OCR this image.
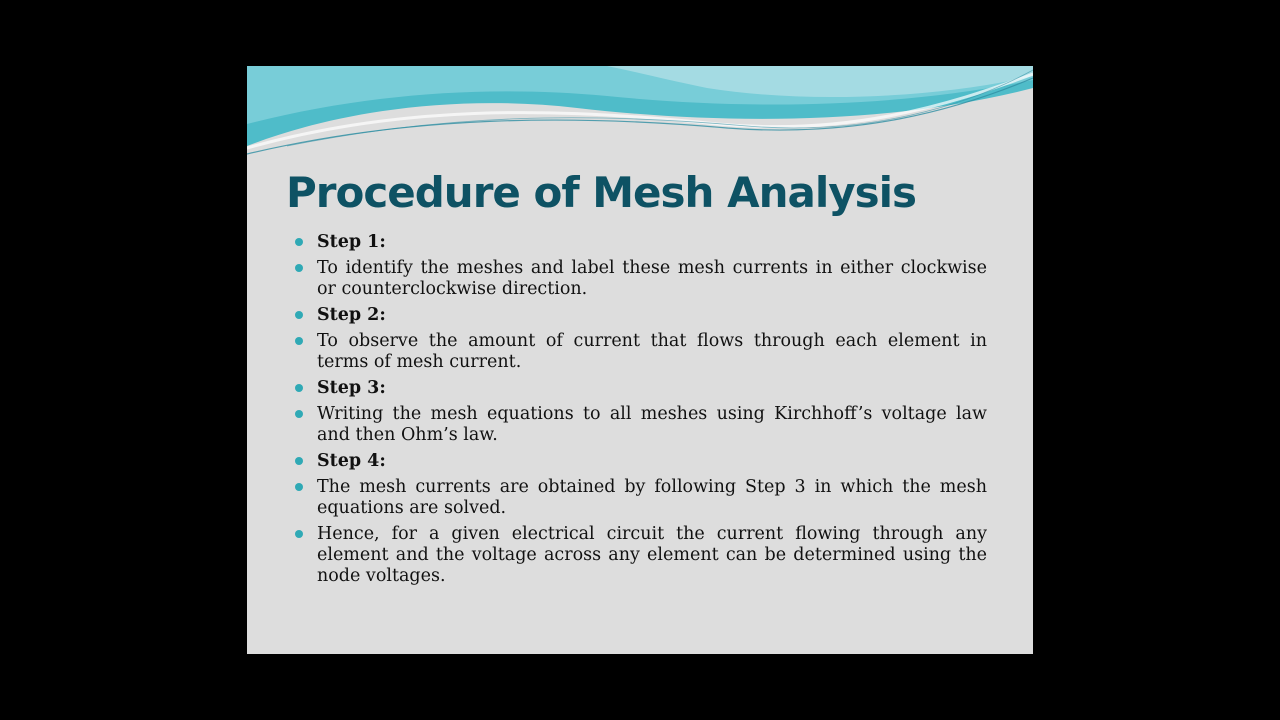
Procedure of Mesh Analysis
Step 1:
To identify the meshes and label these mesh currents in either clockwise or counterclockwise direction.
Step 2:
To observe the amount of current that flows through each element in terms of mesh current.
Step 3:
Writing the mesh equations to all meshes using Kirchhoff’s voltage law and then Ohm’s law.
Step 4:
The mesh currents are obtained by following Step 3 in which the mesh equations are solved.
Hence, for a given electrical circuit the current flowing through any element and the voltage across any element can be determined using the node voltages.
